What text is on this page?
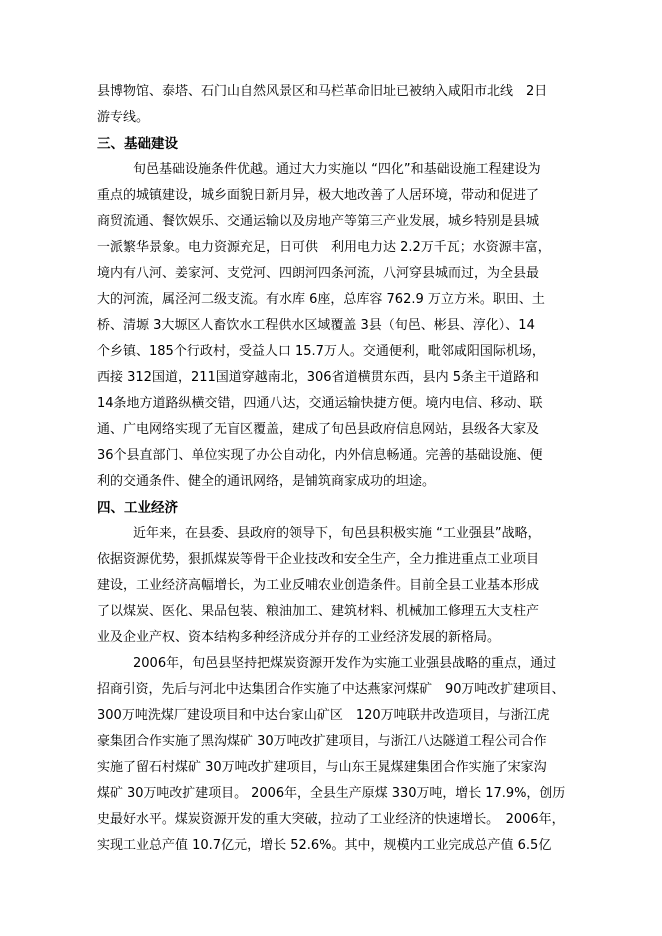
县博物馆、泰塔、石门山自然风景区和马栏革命旧址已被纳入咸阳市北线　2日
游专线。
三、基础建设
　旬邑基础设施条件优越。通过大力实施以 “四化”和基础设施工程建设为
重点的城镇建设，城乡面貌日新月异，极大地改善了人居环境，带动和促进了
商贸流通、餐饮娱乐、交通运输以及房地产等第三产业发展，城乡特别是县城
一派繁华景象。电力资源充足，日可供　利用电力达 2.2万千瓦；水资源丰富，
境内有八河、姜家河、支党河、四朗河四条河流，八河穿县城而过，为全县最
大的河流，属泾河二级支流。有水库 6座，总库容 762.9 万立方米。职田、土
桥、清塬 3大塬区人畜饮水工程供水区域覆盖 3县（旬邑、彬县、淳化）、14
个乡镇、185个行政村，受益人口 15.7万人。交通便利，毗邻咸阳国际机场，
西接 312国道，211国道穿越南北，306省道横贯东西，县内 5条主干道路和
14条地方道路纵横交错，四通八达，交通运输快捷方便。境内电信、移动、联
通、广电网络实现了无盲区覆盖，建成了旬邑县政府信息网站，县级各大家及
36个县直部门、单位实现了办公自动化，内外信息畅通。完善的基础设施、便
利的交通条件、健全的通讯网络，是铺筑商家成功的坦途。
四、工业经济
　近年来，在县委、县政府的领导下，旬邑县积极实施 “工业强县”战略，
依据资源优势，狠抓煤炭等骨干企业技改和安全生产，全力推进重点工业项目
建设，工业经济高幅增长，为工业反哺农业创造条件。目前全县工业基本形成
了以煤炭、医化、果品包装、粮油加工、建筑材料、机械加工修理五大支柱产
业及企业产权、资本结构多种经济成分并存的工业经济发展的新格局。
　2006年，旬邑县坚持把煤炭资源开发作为实施工业强县战略的重点，通过
招商引资，先后与河北中达集团合作实施了中达燕家河煤矿　90万吨改扩建项目、
300万吨洗煤厂建设项目和中达台家山矿区　120万吨联井改造项目，与浙江虎
豪集团合作实施了黑沟煤矿 30万吨改扩建项目，与浙江八达隧道工程公司合作
实施了留石村煤矿 30万吨改扩建项目，与山东王晁煤建集团合作实施了宋家沟
煤矿 30万吨改扩建项目。 2006年，全县生产原煤 330万吨，增长 17.9%，创历
史最好水平。煤炭资源开发的重大突破，拉动了工业经济的快速增长。　2006年，
实现工业总产值 10.7亿元，增长 52.6%。其中，规模内工业完成总产值 6.5亿
